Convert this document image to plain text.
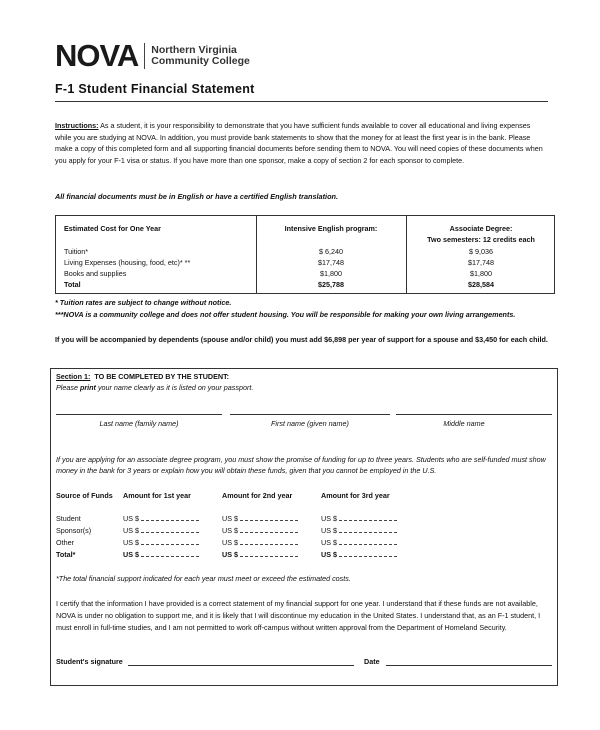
NOVA Northern Virginia
Community College
F-1 Student Financial Statement
Instructions: As a student, it is your responsibility to demonstrate that you have sufficient funds available to cover all educational and living expenses while you are studying at NOVA. In addition, you must provide bank statements to show that the money for at least the first year is in the bank. Please make a copy of this completed form and all supporting financial documents before sending them to NOVA. You will need copies of these documents when you apply for your F-1 visa or status. If you have more than one sponsor, make a copy of section 2 for each sponsor to complete.
All financial documents must be in English or have a certified English translation.
Estimated Cost for One Year	Intensive English program:	Associate Degree:
Two semesters: 12 credits each
Tuition*	$ 6,240	$ 9,036
Living Expenses (housing, food, etc)* **	$17,748	$17,748
Books and supplies	$1,800	$1,800
Total	$25,788	$28,584
* Tuition rates are subject to change without notice.
***NOVA is a community college and does not offer student housing. You will be responsible for making your own living arrangements.
If you will be accompanied by dependents (spouse and/or child) you must add $6,898 per year of support for a spouse and $3,450 for each child.
Section 1: TO BE COMPLETED BY THE STUDENT:
Please print your name clearly as it is listed on your passport.
Last name (family name)	First name (given name)	Middle name
If you are applying for an associate degree program, you must show the promise of funding for up to three years. Students who are self-funded must show money in the bank for 3 years or explain how you will obtain these funds, given that you cannot be employed in the U.S.
Source of Funds Amount for 1st year	Amount for 2nd year	Amount for 3rd year
Student	US $	US $	US $
Sponsor(s)	US $	US $	US $
Other	US $	US $	US $
Total*	US $	US $	US $
*The total financial support indicated for each year must meet or exceed the estimated costs.
I certify that the information I have provided is a correct statement of my financial support for one year. I understand that if these funds are not available, NOVA is under no obligation to support me, and it is likely that I will discontinue my education in the United States. I understand that, as an F-1 student, I must enroll in full-time studies, and I am not permitted to work off-campus without written approval from the Department of Homeland Security.
Student's signature	Date
